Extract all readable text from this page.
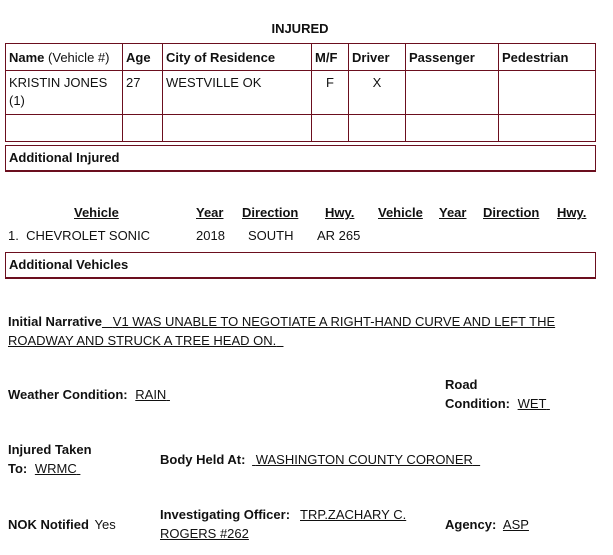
INJURED
Name (Vehicle #)	Age	City of Residence	M/F	Driver	Passenger	Pedestrian
KRISTIN JONES (1)	27	WESTVILLE OK	F	X		

Additional Injured
Vehicle	Year Direction Hwy. Vehicle Year Direction Hwy.
1.  CHEVROLET SONIC	2018 SOUTH AR 265
Additional Vehicles
Initial Narrative V1 WAS UNABLE TO NEGOTIATE A RIGHT-HAND CURVE AND LEFT THE ROADWAY AND STRUCK A TREE HEAD ON.
Weather Condition: RAIN
Road
Condition: WET
Injured Taken
To: WRMC
Body Held At: WASHINGTON COUNTY CORONER
NOK Notified Yes
Investigating Officer: TRP.ZACHARY C.
ROGERS #262
Agency: ASP
